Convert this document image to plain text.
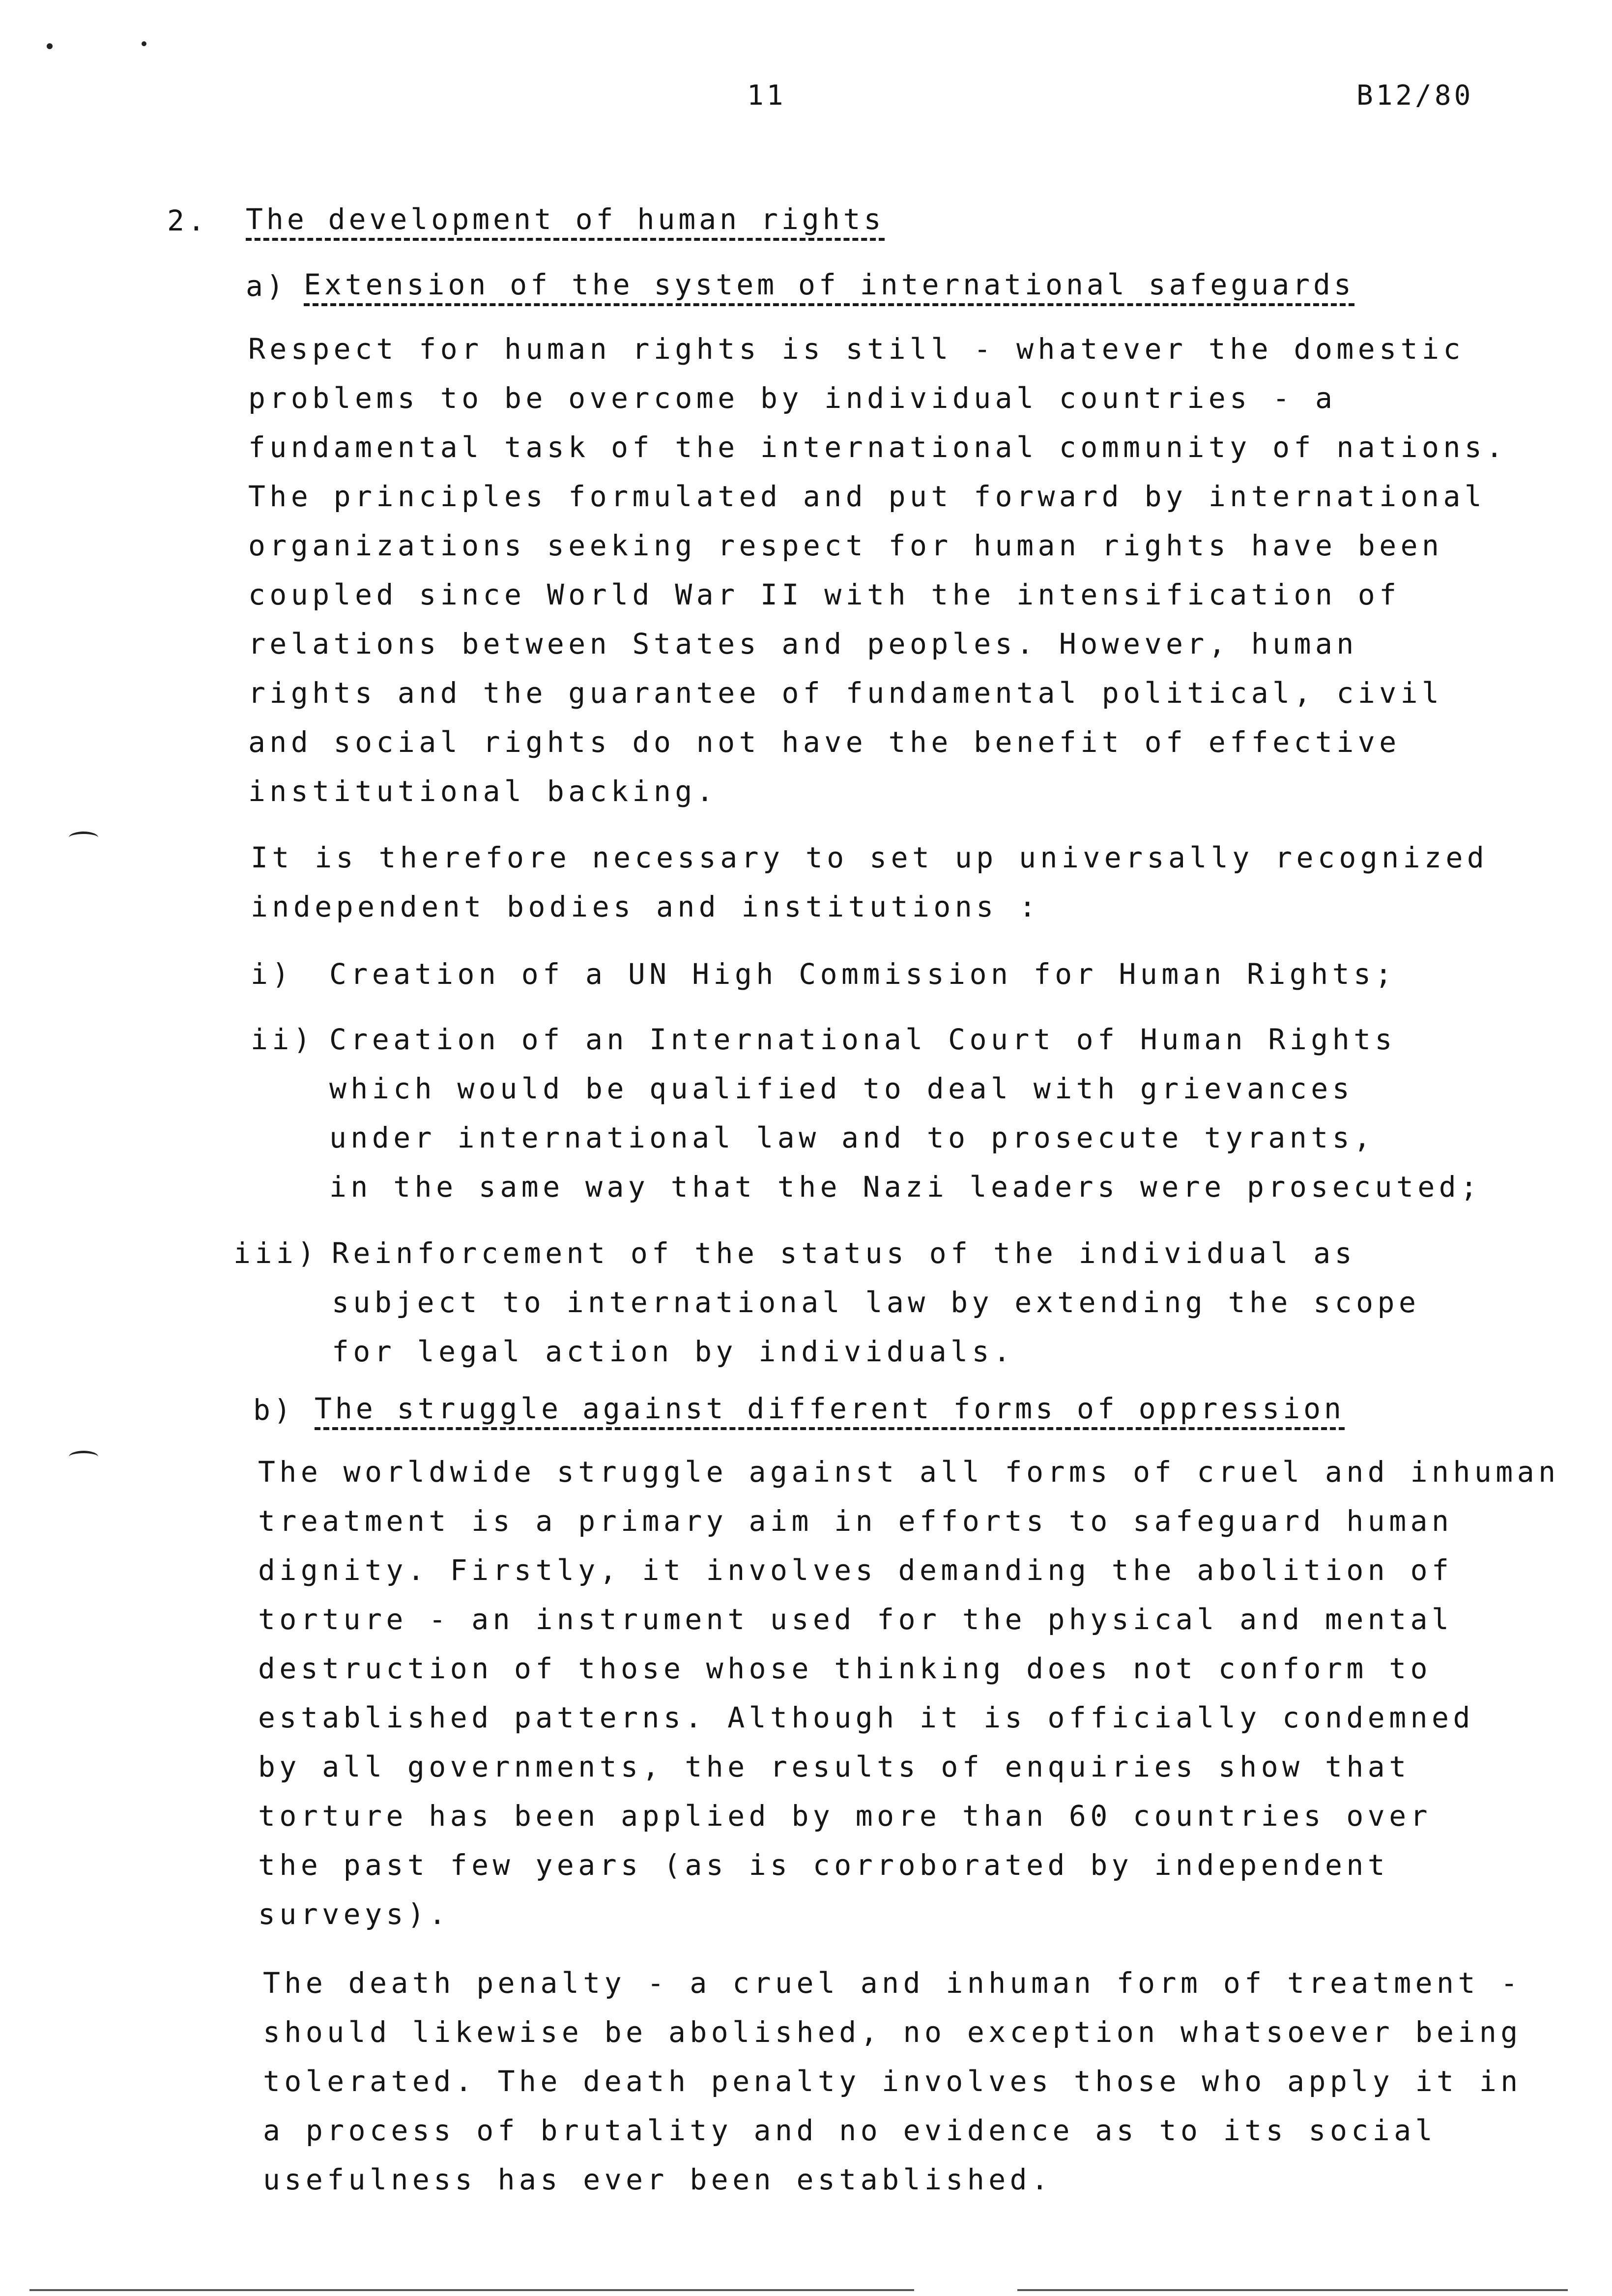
11	B12/80
2. The development of human rights
a) Extension of the system of international safeguards
Respect for human rights is still - whatever the domestic
problems to be overcome by individual countries - a
fundamental task of the international community of nations.
The principles formulated and put forward by international
organizations seeking respect for human rights have been
coupled since World War II with the intensification of
relations between States and peoples. However, human
rights and the guarantee of fundamental political, civil
and social rights do not have the benefit of effective
institutional backing.
It is therefore necessary to set up universally recognized
independent bodies and institutions :
i) Creation of a UN High Commission for Human Rights;
ii) Creation of an International Court of Human Rights
which would be qualified to deal with grievances
under international law and to prosecute tyrants,
in the same way that the Nazi leaders were prosecuted;
iii) Reinforcement of the status of the individual as
subject to international law by extending the scope
for legal action by individuals.
b) The struggle against different forms of oppression
The worldwide struggle against all forms of cruel and inhuman
treatment is a primary aim in efforts to safeguard human
dignity. Firstly, it involves demanding the abolition of
torture - an instrument used for the physical and mental
destruction of those whose thinking does not conform to
established patterns. Although it is officially condemned
by all governments, the results of enquiries show that
torture has been applied by more than 60 countries over
the past few years (as is corroborated by independent
surveys).
The death penalty - a cruel and inhuman form of treatment -
should likewise be abolished, no exception whatsoever being
tolerated. The death penalty involves those who apply it in
a process of brutality and no evidence as to its social
usefulness has ever been established.
